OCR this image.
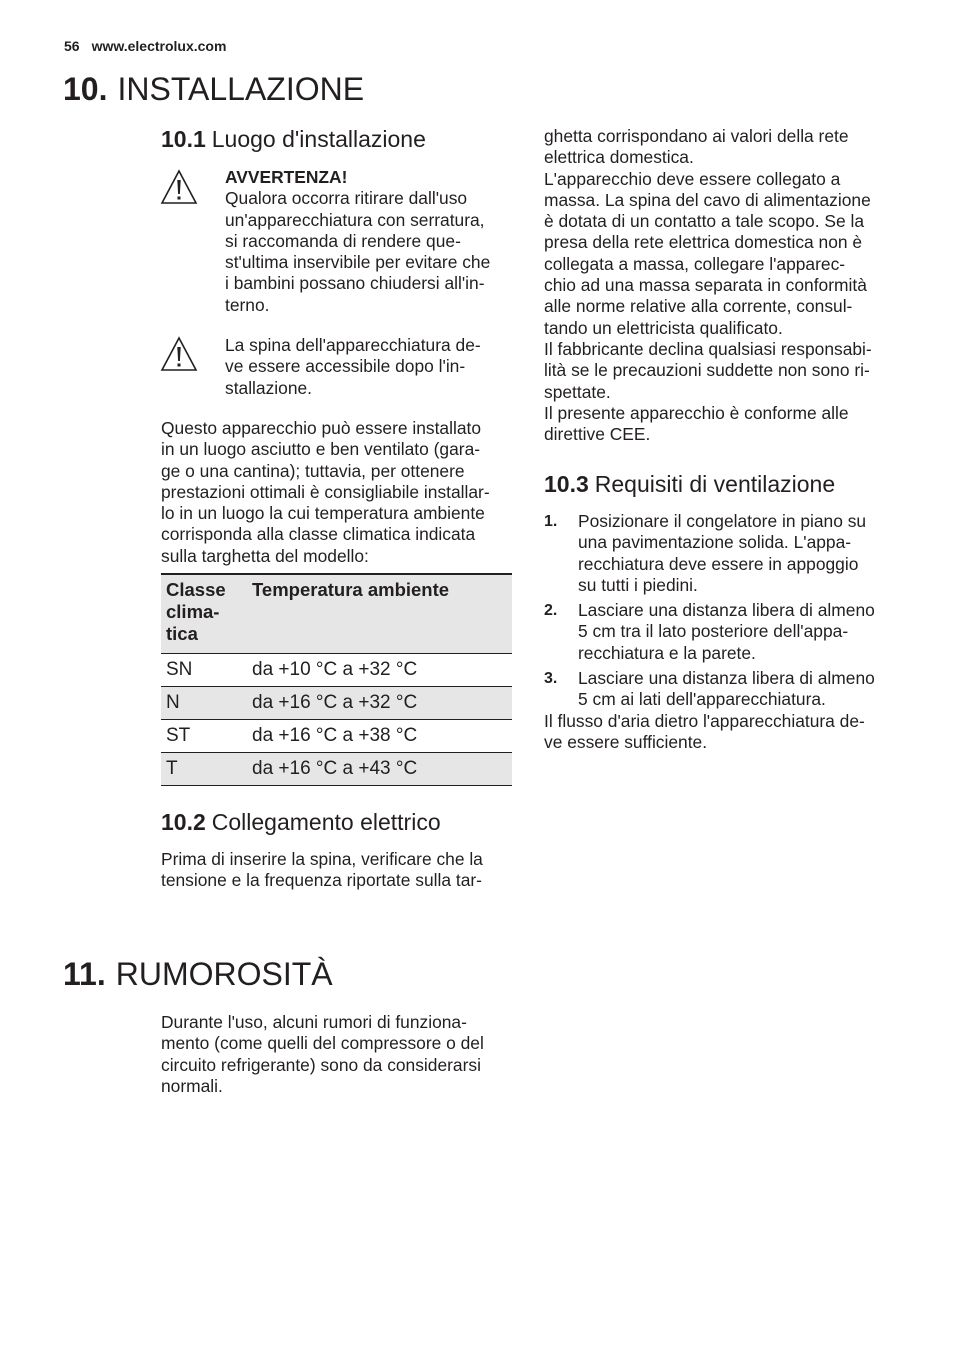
56 www.electrolux.com
10. INSTALLAZIONE
10.1 Luogo d'installazione
AVVERTENZA!
Qualora occorra ritirare dall'uso
un'apparecchiatura con serratura,
si raccomanda di rendere que-
st'ultima inservibile per evitare che
i bambini possano chiudersi all'in-
terno.
La spina dell'apparecchiatura de-
ve essere accessibile dopo l'in-
stallazione.
Questo apparecchio può essere installato
in un luogo asciutto e ben ventilato (gara-
ge o una cantina); tuttavia, per ottenere
prestazioni ottimali è consigliabile installar-
lo in un luogo la cui temperatura ambiente
corrisponda alla classe climatica indicata
sulla targhetta del modello:
Classe
clima-
tica	Temperatura ambiente
SN	da +10 °C a +32 °C
N	da +16 °C a +32 °C
ST	da +16 °C a +38 °C
T	da +16 °C a +43 °C
10.2 Collegamento elettrico
Prima di inserire la spina, verificare che la
tensione e la frequenza riportate sulla tar-
ghetta corrispondano ai valori della rete
elettrica domestica.
L'apparecchio deve essere collegato a
massa. La spina del cavo di alimentazione
è dotata di un contatto a tale scopo. Se la
presa della rete elettrica domestica non è
collegata a massa, collegare l'apparec-
chio ad una massa separata in conformità
alle norme relative alla corrente, consul-
tando un elettricista qualificato.
Il fabbricante declina qualsiasi responsabi-
lità se le precauzioni suddette non sono ri-
spettate.
Il presente apparecchio è conforme alle
direttive CEE.
10.3 Requisiti di ventilazione
1. Posizionare il congelatore in piano su
una pavimentazione solida. L'appa-
recchiatura deve essere in appoggio
su tutti i piedini.
2. Lasciare una distanza libera di almeno
5 cm tra il lato posteriore dell'appa-
recchiatura e la parete.
3. Lasciare una distanza libera di almeno
5 cm ai lati dell'apparecchiatura.
Il flusso d'aria dietro l'apparecchiatura de-
ve essere sufficiente.
11. RUMOROSITÀ
Durante l'uso, alcuni rumori di funziona-
mento (come quelli del compressore o del
circuito refrigerante) sono da considerarsi
normali.
